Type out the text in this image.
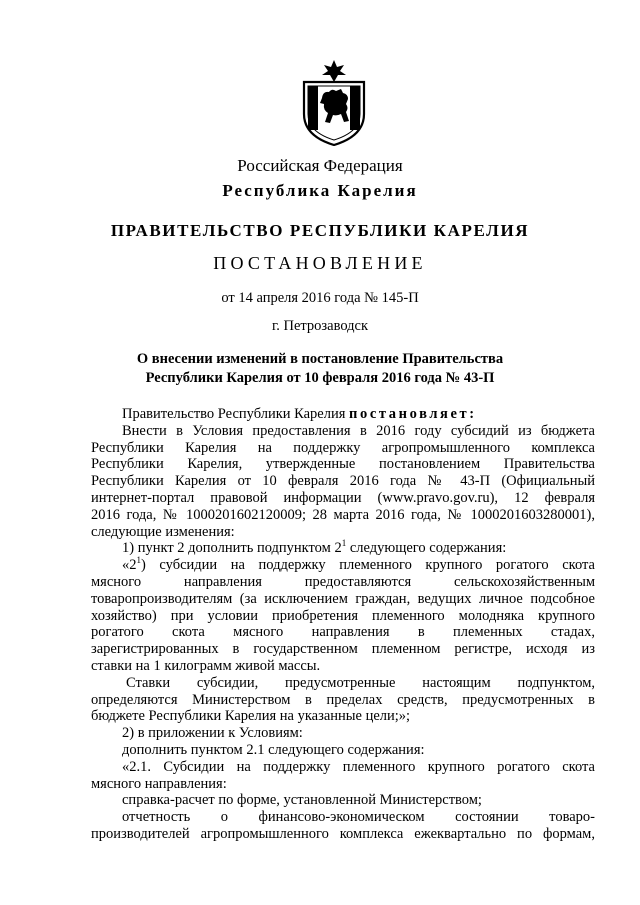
Российская Федерация
Республика Карелия
ПРАВИТЕЛЬСТВО РЕСПУБЛИКИ КАРЕЛИЯ
ПОСТАНОВЛЕНИЕ
от 14 апреля 2016 года № 145-П
г. Петрозаводск
О внесении изменений в постановление Правительства
Республики Карелия от 10 февраля 2016 года № 43-П
Правительство Республики Карелия постановляет:
Внести в Условия предоставления в 2016 году субсидий из бюджета
Республики Карелия на поддержку агропромышленного комплекса
Республики Карелия, утвержденные постановлением Правительства
Республики Карелия от 10 февраля 2016 года № 43-П (Официальный
интернет-портал правовой информации (www.pravo.gov.ru), 12 февраля
2016 года, № 1000201602120009; 28 марта 2016 года, № 1000201603280001),
следующие изменения:
1) пункт 2 дополнить подпунктом $2^1$ следующего содержания:
«$2^1$) субсидии на поддержку племенного крупного рогатого скота
мясного направления предоставляются сельскохозяйственным
товаропроизводителям (за исключением граждан, ведущих личное подсобное
хозяйство) при условии приобретения племенного молодняка крупного
рогатого скота мясного направления в племенных стадах,
зарегистрированных в государственном племенном регистре, исходя из
ставки на 1 килограмм живой массы.
Ставки субсидии, предусмотренные настоящим подпунктом,
определяются Министерством в пределах средств, предусмотренных в
бюджете Республики Карелия на указанные цели;»;
2) в приложении к Условиям:
дополнить пунктом 2.1 следующего содержания:
«2.1. Субсидии на поддержку племенного крупного рогатого скота
мясного направления:
справка-расчет по форме, установленной Министерством;
отчетность о финансово-экономическом состоянии товаро-
производителей агропромышленного комплекса ежеквартально по формам,
